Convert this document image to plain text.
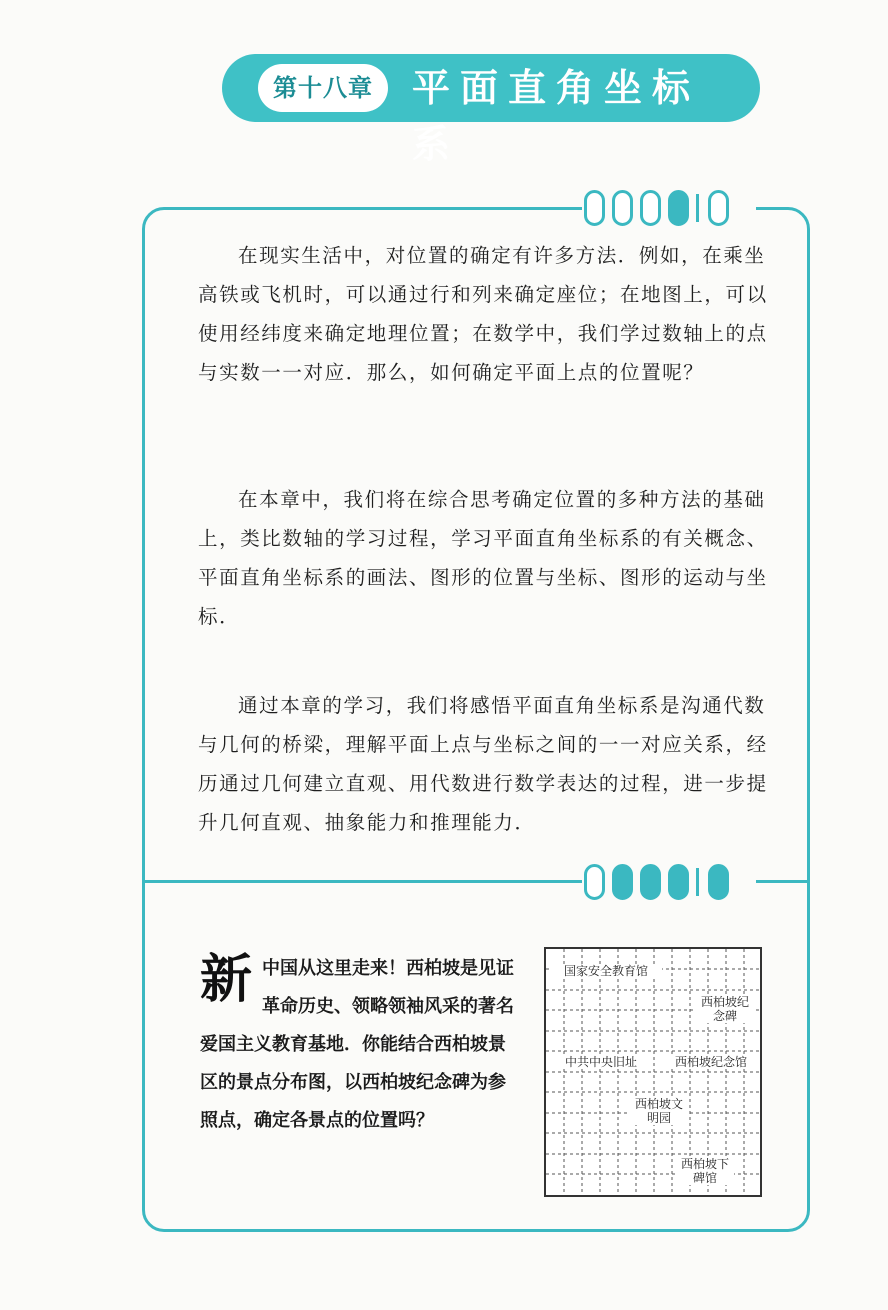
第十八章	平面直角坐标系

在现实生活中，对位置的确定有许多方法．例如，在乘坐高铁或飞机时，可以通过行和列来确定座位；在地图上，可以使用经纬度来确定地理位置；在数学中，我们学过数轴上的点与实数一一对应．那么，如何确定平面上点的位置呢？

在本章中，我们将在综合思考确定位置的多种方法的基础上，类比数轴的学习过程，学习平面直角坐标系的有关概念、平面直角坐标系的画法、图形的位置与坐标、图形的运动与坐标．

通过本章的学习，我们将感悟平面直角坐标系是沟通代数与几何的桥梁，理解平面上点与坐标之间的一一对应关系，经历通过几何建立直观、用代数进行数学表达的过程，进一步提升几何直观、抽象能力和推理能力．

新 中国从这里走来！西柏坡是见证革命历史、领略领袖风采的著名爱国主义教育基地．你能结合西柏坡景区的景点分布图，以西柏坡纪念碑为参照点，确定各景点的位置吗？
国家安全教育馆
西柏坡纪念碑
中共中央旧址	西柏坡纪念馆
西柏坡文明园
西柏坡下碑馆
